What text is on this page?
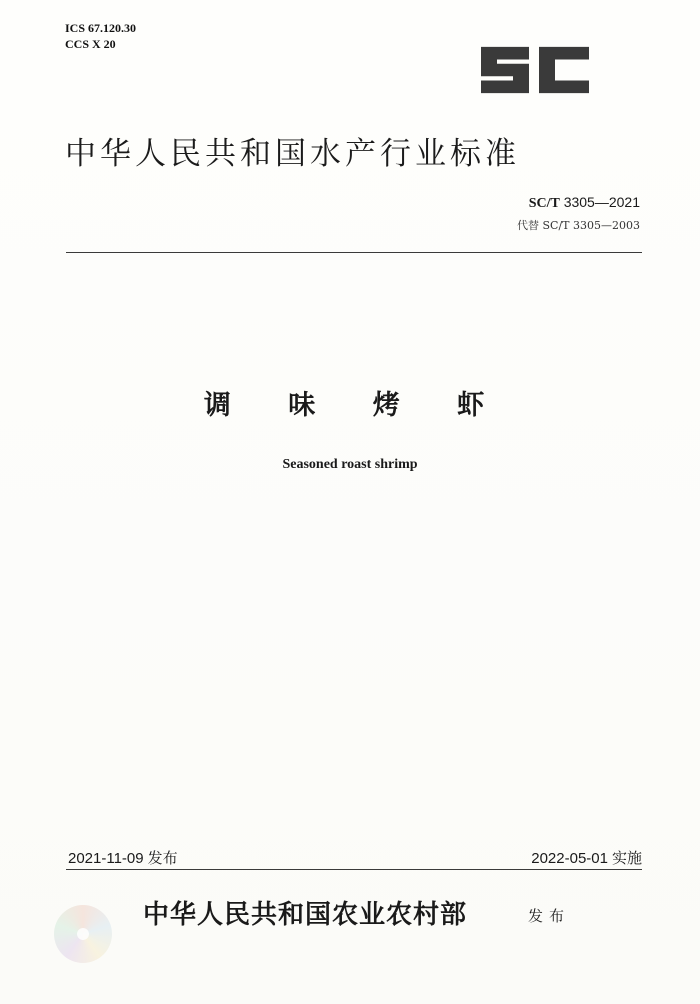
ICS 67.120.30
CCS X 20
中华人民共和国水产行业标准
SC/T 3305—2021
代替 SC/T 3305—2003
调 味 烤 虾
Seasoned roast shrimp
2021-11-09 发布	2022-05-01 实施
中华人民共和国农业农村部	发布
